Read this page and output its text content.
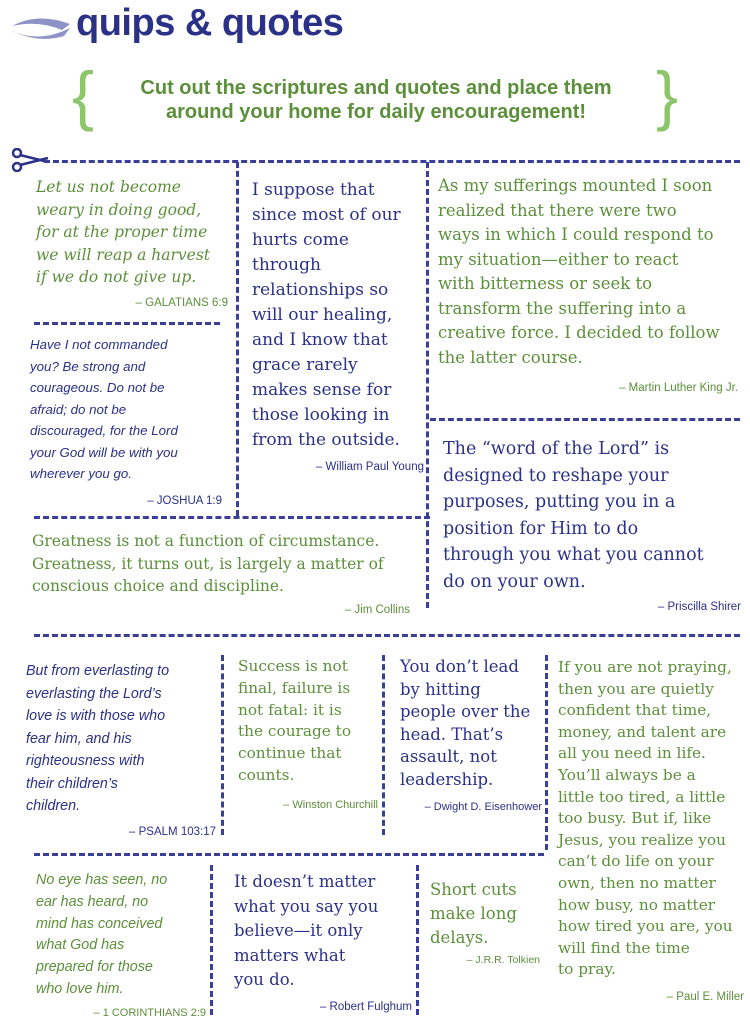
quips & quotes
{	}
Cut out the scriptures and quotes and place them
around your home for daily encouragement!

Let us not become
weary in doing good,
for at the proper time
we will reap a harvest
if we do not give up.

– GALATIANS 6:9

I suppose that
since most of our
hurts come
through
relationships so
will our healing,
and I know that
grace rarely
makes sense for
those looking in
from the outside.

– William Paul Young

As my sufferings mounted I soon
realized that there were two
ways in which I could respond to
my situation—either to react
with bitterness or seek to
transform the suffering into a
creative force. I decided to follow
the latter course.

– Martin Luther King Jr.

Have I not commanded
you? Be strong and
courageous. Do not be
afraid; do not be
discouraged, for the Lord
your God will be with you
wherever you go.

– JOSHUA 1:9

The “word of the Lord” is
designed to reshape your
purposes, putting you in a
position for Him to do
through you what you cannot
do on your own.

– Priscilla Shirer

Greatness is not a function of circumstance.
Greatness, it turns out, is largely a matter of
conscious choice and discipline.

– Jim Collins

But from everlasting to
everlasting the Lord’s
love is with those who
fear him, and his
righteousness with
their children’s
children.

– PSALM 103:17

Success is not
final, failure is
not fatal: it is
the courage to
continue that
counts.

– Winston Churchill

You don’t lead
by hitting
people over the
head. That’s
assault, not
leadership.

– Dwight D. Eisenhower

If you are not praying,
then you are quietly
confident that time,
money, and talent are
all you need in life.
You’ll always be a
little too tired, a little
too busy. But if, like
Jesus, you realize you
can’t do life on your
own, then no matter
how busy, no matter
how tired you are, you
will find the time
to pray.

– Paul E. Miller

No eye has seen, no
ear has heard, no
mind has conceived
what God has
prepared for those
who love him.

– 1 CORINTHIANS 2:9

It doesn’t matter
what you say you
believe—it only
matters what
you do.

– Robert Fulghum

Short cuts
make long
delays.

– J.R.R. Tolkien
